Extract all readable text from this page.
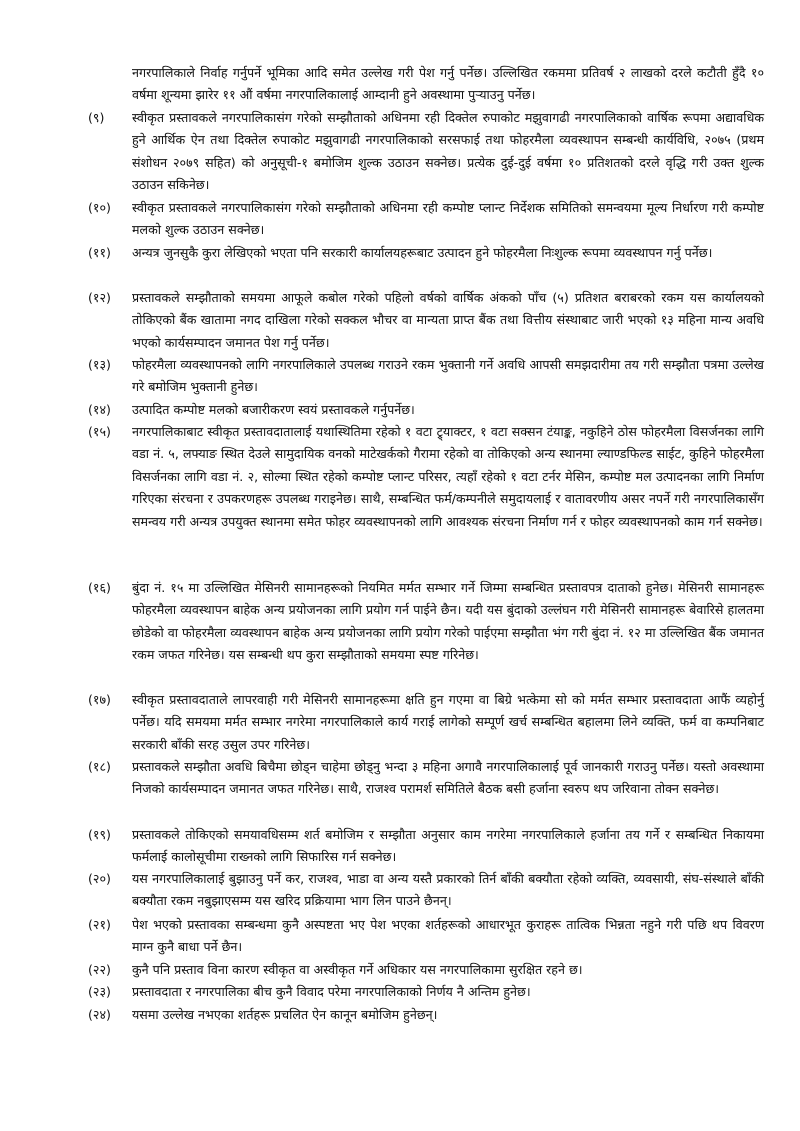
नगरपालिकाले निर्वाह गर्नुपर्ने भूमिका आदि समेत उल्लेख गरी पेश गर्नु पर्नेछ। उल्लिखित रकममा प्रतिवर्ष २ लाखको दरले कटौती हुँदै १० वर्षमा शून्यमा झारेर ११ औं वर्षमा नगरपालिकालाई आम्दानी हुने अवस्थामा पुऱ्याउनु पर्नेछ।
(९)	स्वीकृत प्रस्तावकले नगरपालिकासंग गरेको सम्झौताको अधिनमा रही दिक्तेल रुपाकोट मझुवागढी नगरपालिकाको वार्षिक रूपमा अद्यावधिक हुने आर्थिक ऐन तथा दिक्तेल रुपाकोट मझुवागढी नगरपालिकाको सरसफाई तथा फोहरमैला व्यवस्थापन सम्बन्धी कार्यविधि, २०७५ (प्रथम संशोधन २०७९ सहित) को अनुसूची-१ बमोजिम शुल्क उठाउन सक्नेछ। प्रत्येक दुई-दुई वर्षमा १० प्रतिशतको दरले वृद्धि गरी उक्त शुल्क उठाउन सकिनेछ।
(१०)	स्वीकृत प्रस्तावकले नगरपालिकासंग गरेको सम्झौताको अधिनमा रही कम्पोष्ट प्लान्ट निर्देशक समितिको समन्वयमा मूल्य निर्धारण गरी कम्पोष्ट मलको शुल्क उठाउन सक्नेछ।
(११)	अन्यत्र जुनसुकै कुरा लेखिएको भएता पनि सरकारी कार्यालयहरूबाट उत्पादन हुने फोहरमैला निःशुल्क रूपमा व्यवस्थापन गर्नु पर्नेछ।
(१२)	प्रस्तावकले सम्झौताको समयमा आफूले कबोल गरेको पहिलो वर्षको वार्षिक अंकको पाँच (५) प्रतिशत बराबरको रकम यस कार्यालयको तोकिएको बैंक खातामा नगद दाखिला गरेको सक्कल भौचर वा मान्यता प्राप्त बैंक तथा वित्तीय संस्थाबाट जारी भएको १३ महिना मान्य अवधि भएको कार्यसम्पादन जमानत पेश गर्नु पर्नेछ।
(१३)	फोहरमैला व्यवस्थापनको लागि नगरपालिकाले उपलब्ध गराउने रकम भुक्तानी गर्ने अवधि आपसी समझदारीमा तय गरी सम्झौता पत्रमा उल्लेख गरे बमोजिम भुक्तानी हुनेछ।
(१४)	उत्पादित कम्पोष्ट मलको बजारीकरण स्वयं प्रस्तावकले गर्नुपर्नेछ।
(१५)	नगरपालिकाबाट स्वीकृत प्रस्तावदातालाई यथास्थितिमा रहेको १ वटा ट्र्याक्टर, १ वटा सक्सन टंयाङ्क, नकुहिने ठोस फोहरमैला विसर्जनका लागि वडा नं. ५, लफ्याङ स्थित देउले सामुदायिक वनको माटेखर्कको गैरामा रहेको वा तोकिएको अन्य स्थानमा ल्याण्डफिल्ड साईट, कुहिने फोहरमैला विसर्जनका लागि वडा नं. २, सोल्मा स्थित रहेको कम्पोष्ट प्लान्ट परिसर, त्यहाँ रहेको १ वटा टर्नर मेसिन, कम्पोष्ट मल उत्पादनका लागि निर्माण गरिएका संरचना र उपकरणहरू उपलब्ध गराइनेछ। साथै, सम्बन्धित फर्म/कम्पनीले समुदायलाई र वातावरणीय असर नपर्ने गरी नगरपालिकासँग समन्वय गरी अन्यत्र उपयुक्त स्थानमा समेत फोहर व्यवस्थापनको लागि आवश्यक संरचना निर्माण गर्न र फोहर व्यवस्थापनको काम गर्न सक्नेछ।
(१६)	बुंदा नं. १५ मा उल्लिखित मेसिनरी सामानहरूको नियमित मर्मत सम्भार गर्ने जिम्मा सम्बन्धित प्रस्तावपत्र दाताको हुनेछ। मेसिनरी सामानहरू फोहरमैला व्यवस्थापन बाहेक अन्य प्रयोजनका लागि प्रयोग गर्न पाईने छैन। यदी यस बुंदाको उल्लंघन गरी मेसिनरी सामानहरू बेवारिसे हालतमा छोडेको वा फोहरमैला व्यवस्थापन बाहेक अन्य प्रयोजनका लागि प्रयोग गरेको पाईएमा सम्झौता भंग गरी बुंदा नं. १२ मा उल्लिखित बैंक जमानत रकम जफत गरिनेछ। यस सम्बन्धी थप कुरा सम्झौताको समयमा स्पष्ट गरिनेछ।
(१७)	स्वीकृत प्रस्तावदाताले लापरवाही गरी मेसिनरी सामानहरूमा क्षति हुन गएमा वा बिग्रे भत्केमा सो को मर्मत सम्भार प्रस्तावदाता आफैं व्यहोर्नु पर्नेछ। यदि समयमा मर्मत सम्भार नगरेमा नगरपालिकाले कार्य गराई लागेको सम्पूर्ण खर्च सम्बन्धित बहालमा लिने व्यक्ति, फर्म वा कम्पनिबाट सरकारी बाँकी सरह उसुल उपर गरिनेछ।
(१८)	प्रस्तावकले सम्झौता अवधि बिचैमा छोड्न चाहेमा छोड्नु भन्दा ३ महिना अगावै नगरपालिकालाई पूर्व जानकारी गराउनु पर्नेछ। यस्तो अवस्थामा निजको कार्यसम्पादन जमानत जफत गरिनेछ। साथै, राजश्व परामर्श समितिले बैठक बसी हर्जाना स्वरुप थप जरिवाना तोक्न सक्नेछ।
(१९)	प्रस्तावकले तोकिएको समयावधिसम्म शर्त बमोजिम र सम्झौता अनुसार काम नगरेमा नगरपालिकाले हर्जाना तय गर्ने र सम्बन्धित निकायमा फर्मलाई कालोसूचीमा राख्नको लागि सिफारिस गर्न सक्नेछ।
(२०)	यस नगरपालिकालाई बुझाउनु पर्ने कर, राजश्व, भाडा वा अन्य यस्तै प्रकारको तिर्न बाँकी बक्यौता रहेको व्यक्ति, व्यवसायी, संघ-संस्थाले बाँकी बक्यौता रकम नबुझाएसम्म यस खरिद प्रक्रियामा भाग लिन पाउने छैनन्।
(२१)	पेश भएको प्रस्तावका सम्बन्धमा कुनै अस्पष्टता भए पेश भएका शर्तहरूको आधारभूत कुराहरू तात्विक भिन्नता नहुने गरी पछि थप विवरण माग्न कुनै बाधा पर्ने छैन।
(२२)	कुनै पनि प्रस्ताव विना कारण स्वीकृत वा अस्वीकृत गर्ने अधिकार यस नगरपालिकामा सुरक्षित रहने छ।
(२३)	प्रस्तावदाता र नगरपालिका बीच कुनै विवाद परेमा नगरपालिकाको निर्णय नै अन्तिम हुनेछ।
(२४)	यसमा उल्लेख नभएका शर्तहरू प्रचलित ऐन कानून बमोजिम हुनेछन्।
